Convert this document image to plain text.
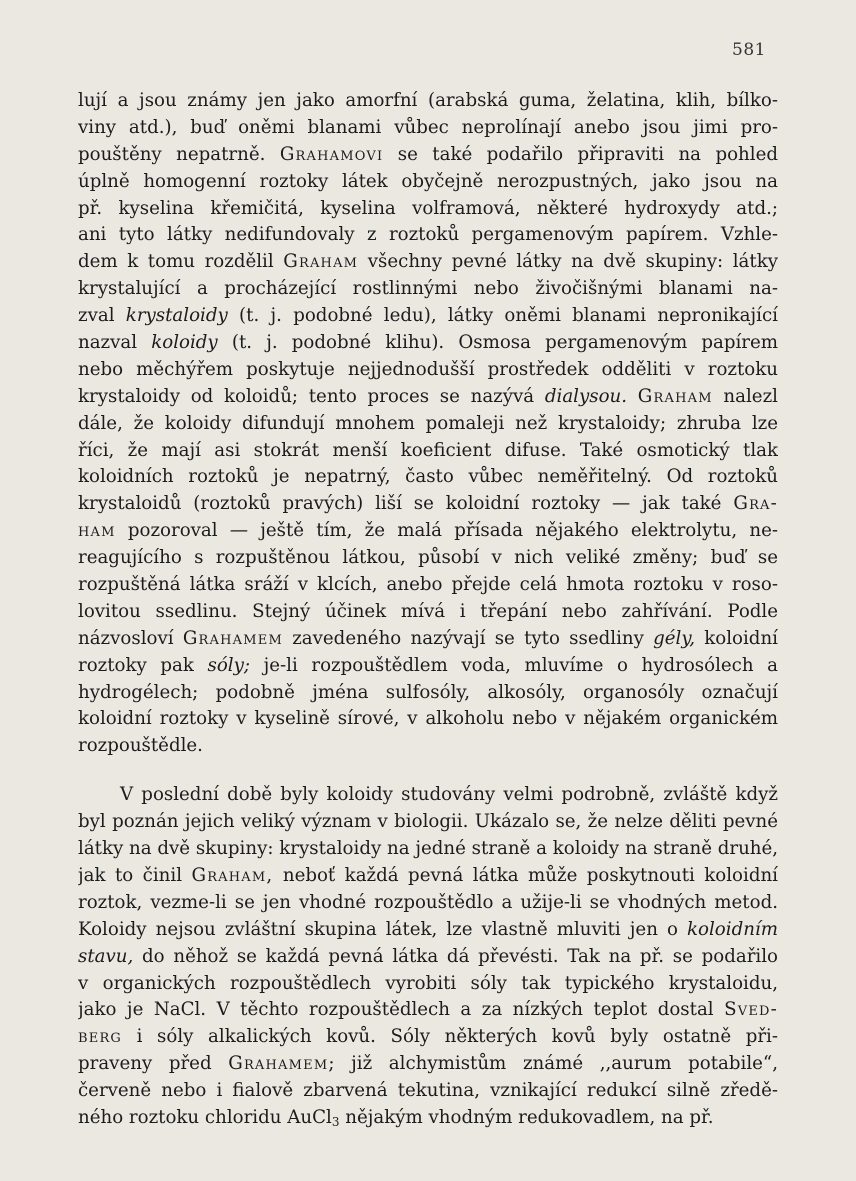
581
lují a jsou známy jen jako amorfní (arabská guma, želatina, klih, bílko-
viny atd.), buď oněmi blanami vůbec neprolínají anebo jsou jimi pro-
pouštěny nepatrně. Grahamovi se také podařilo připraviti na pohled
úplně homogenní roztoky látek obyčejně nerozpustných, jako jsou na
př. kyselina křemičitá, kyselina volframová, některé hydroxydy atd.;
ani tyto látky nedifundovaly z roztoků pergamenovým papírem. Vzhle-
dem k tomu rozdělil Graham všechny pevné látky na dvě skupiny: látky
krystalující a procházející rostlinnými nebo živočišnými blanami na-
zval krystaloidy (t. j. podobné ledu), látky oněmi blanami nepronikající
nazval koloidy (t. j. podobné klihu). Osmosa pergamenovým papírem
nebo měchýřem poskytuje nejjednodušší prostředek odděliti v roztoku
krystaloidy od koloidů; tento proces se nazývá dialysou. Graham nalezl
dále, že koloidy difundují mnohem pomaleji než krystaloidy; zhruba lze
říci, že mají asi stokrát menší koeficient difuse. Také osmotický tlak
koloidních roztoků je nepatrný, často vůbec neměřitelný. Od roztoků
krystaloidů (roztoků pravých) liší se koloidní roztoky — jak také Gra-
ham pozoroval — ještě tím, že malá přísada nějakého elektrolytu, ne-
reagujícího s rozpuštěnou látkou, působí v nich veliké změny; buď se
rozpuštěná látka sráží v klcích, anebo přejde celá hmota roztoku v roso-
lovitou ssedlinu. Stejný účinek mívá i třepání nebo zahřívání. Podle
názvosloví Grahamem zavedeného nazývají se tyto ssedliny gély, koloidní
roztoky pak sóly; je-li rozpouštědlem voda, mluvíme o hydrosólech a
hydrogélech; podobně jména sulfosóly, alkosóly, organosóly označují
koloidní roztoky v kyselině sírové, v alkoholu nebo v nějakém organickém
rozpouštědle.
V poslední době byly koloidy studovány velmi podrobně, zvláště když
byl poznán jejich veliký význam v biologii. Ukázalo se, že nelze děliti pevné
látky na dvě skupiny: krystaloidy na jedné straně a koloidy na straně druhé,
jak to činil Graham, neboť každá pevná látka může poskytnouti koloidní
roztok, vezme-li se jen vhodné rozpouštědlo a užije-li se vhodných metod.
Koloidy nejsou zvláštní skupina látek, lze vlastně mluviti jen o koloidním
stavu, do něhož se každá pevná látka dá převésti. Tak na př. se podařilo
v organických rozpouštědlech vyrobiti sóly tak typického krystaloidu,
jako je NaCl. V těchto rozpouštědlech a za nízkých teplot dostal Sved-
berg i sóly alkalických kovů. Sóly některých kovů byly ostatně při-
praveny před Grahamem; již alchymistům známé ,,aurum potabile“,
červeně nebo i fialově zbarvená tekutina, vznikající redukcí silně zředě-
ného roztoku chloridu AuCl$_3$ nějakým vhodným redukovadlem, na př.
